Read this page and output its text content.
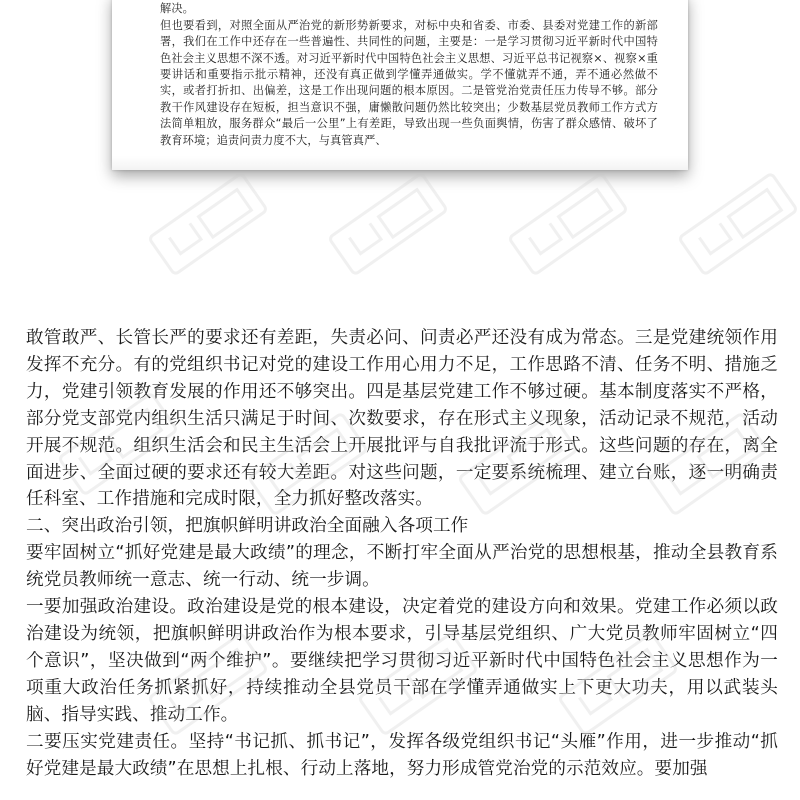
解决。

但也要看到，对照全面从严治党的新形势新要求，对标中央和省委、市委、县委对党建工作的新部署，我们在工作中还存在一些普遍性、共同性的问题，主要是：一是学习贯彻习近平新时代中国特色社会主义思想不深不透。对习近平新时代中国特色社会主义思想、习近平总书记视察×、视察×重要讲话和重要指示批示精神，还没有真正做到学懂弄通做实。学不懂就弄不通，弄不通必然做不实，或者打折扣、出偏差，这是工作出现问题的根本原因。二是管党治党责任压力传导不够。部分教干作风建设存在短板，担当意识不强，庸懒散问题仍然比较突出；少数基层党员教师工作方式方法简单粗放，服务群众“最后一公里”上有差距，导致出现一些负面舆情，伤害了群众感情、破坏了教育环境；追责问责力度不大，与真管真严、

敢管敢严、长管长严的要求还有差距，失责必问、问责必严还没有成为常态。三是党建统领作用发挥不充分。有的党组织书记对党的建设工作用心用力不足，工作思路不清、任务不明、措施乏力，党建引领教育发展的作用还不够突出。四是基层党建工作不够过硬。基本制度落实不严格，部分党支部党内组织生活只满足于时间、次数要求，存在形式主义现象，活动记录不规范，活动开展不规范。组织生活会和民主生活会上开展批评与自我批评流于形式。这些问题的存在，离全面进步、全面过硬的要求还有较大差距。对这些问题，一定要系统梳理、建立台账，逐一明确责任科室、工作措施和完成时限，全力抓好整改落实。

二、突出政治引领，把旗帜鲜明讲政治全面融入各项工作

要牢固树立“抓好党建是最大政绩”的理念，不断打牢全面从严治党的思想根基，推动全县教育系统党员教师统一意志、统一行动、统一步调。

一要加强政治建设。政治建设是党的根本建设，决定着党的建设方向和效果。党建工作必须以政治建设为统领，把旗帜鲜明讲政治作为根本要求，引导基层党组织、广大党员教师牢固树立“四个意识”，坚决做到“两个维护”。要继续把学习贯彻习近平新时代中国特色社会主义思想作为一项重大政治任务抓紧抓好，持续推动全县党员干部在学懂弄通做实上下更大功夫，用以武装头脑、指导实践、推动工作。

二要压实党建责任。坚持“书记抓、抓书记”，发挥各级党组织书记“头雁”作用，进一步推动“抓好党建是最大政绩”在思想上扎根、行动上落地，努力形成管党治党的示范效应。要加强
